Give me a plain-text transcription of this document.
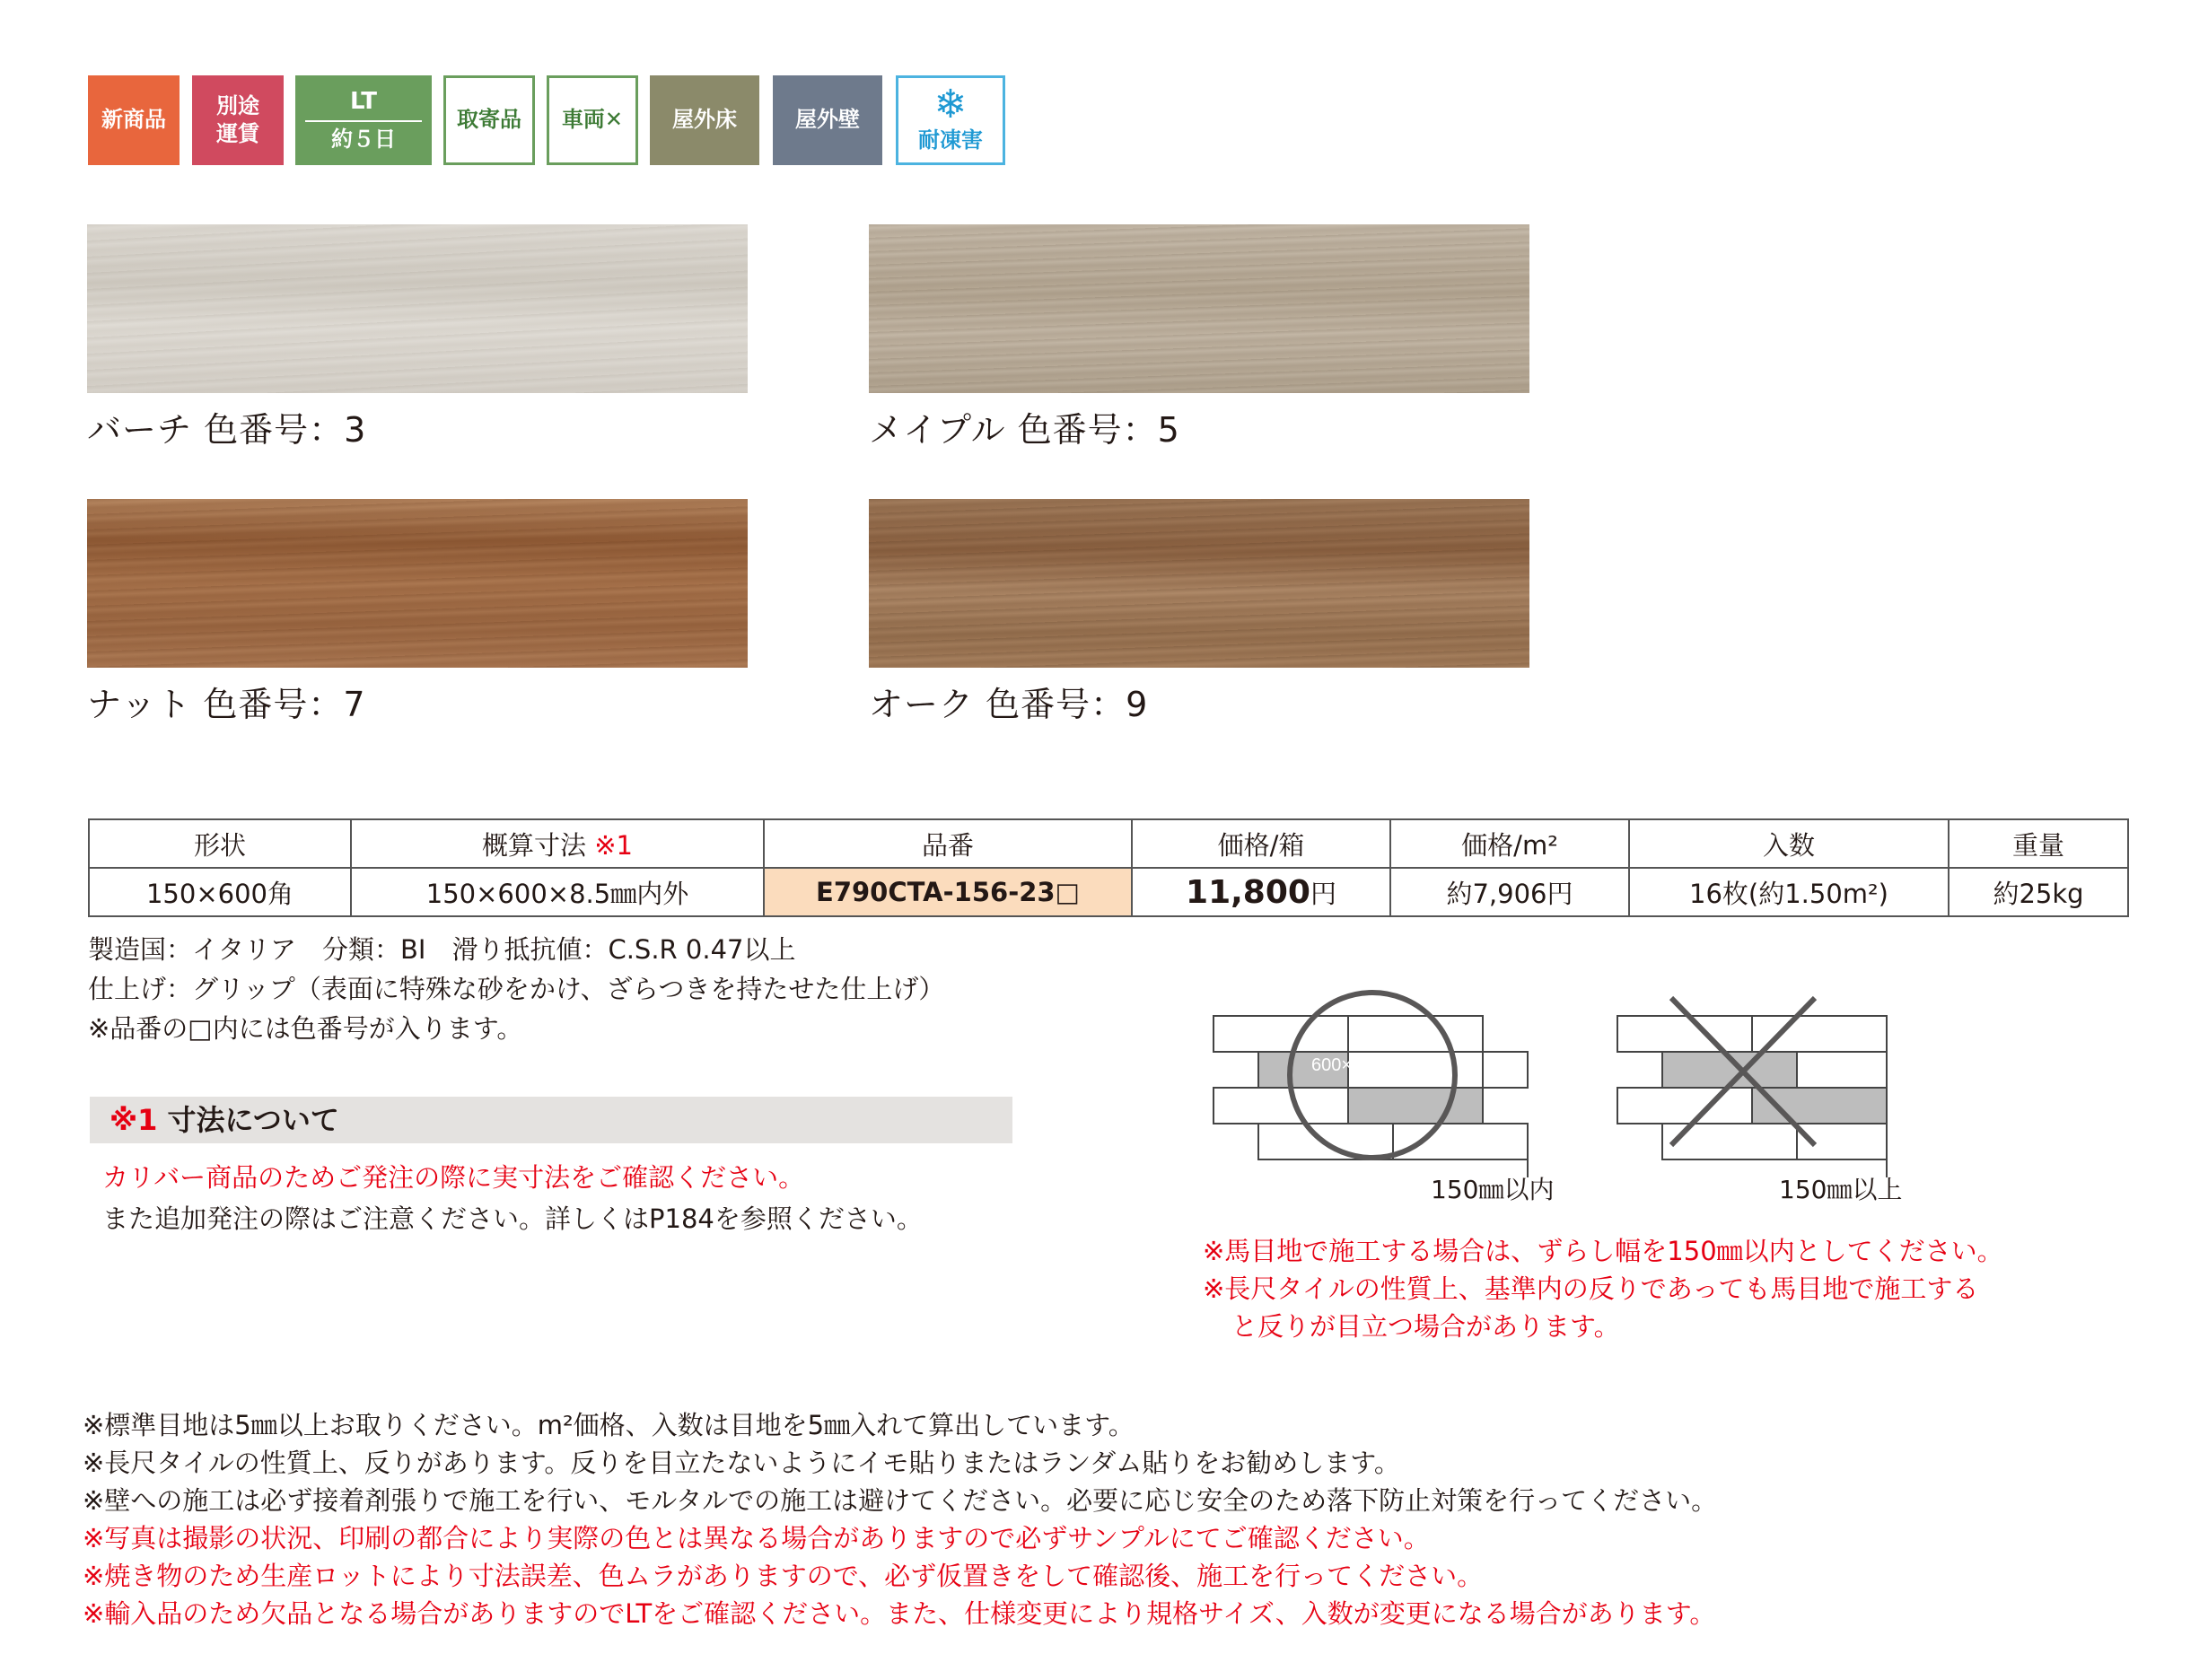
新商品
別途
運賃
LT
約５日
取寄品 車両✕ 屋外床	屋外壁 ❄
耐凍害
バーチ 色番号：3	メイプル 色番号：5
ナット 色番号：7	オーク 色番号：9
形状	概算寸法 ※1	品番	価格/箱	価格/m²	入数	重量
150×600角	150×600×8.5㎜内外	E790CTA-156-23□	11,800円	約7,906円	16枚(約1.50m²)	約25kg
製造国：イタリア　分類：BI　滑り抵抗値：C.S.R 0.47以上
仕上げ：グリップ（表面に特殊な砂をかけ、ざらつきを持たせた仕上げ）
※品番の□内には色番号が入ります。
※1 寸法について
カリバー商品のためご発注の際に実寸法をご確認ください。
また追加発注の際はご注意ください。詳しくはP184を参照ください。
600×150
150㎜以内	150㎜以上
※馬目地で施工する場合は、ずらし幅を150㎜以内としてください。
※長尺タイルの性質上、基準内の反りであっても馬目地で施工する
と反りが目立つ場合があります。
※標準目地は5㎜以上お取りください。m²価格、入数は目地を5㎜入れて算出しています。
※長尺タイルの性質上、反りがあります。反りを目立たないようにイモ貼りまたはランダム貼りをお勧めします。
※壁への施工は必ず接着剤張りで施工を行い、モルタルでの施工は避けてください。必要に応じ安全のため落下防止対策を行ってください。
※写真は撮影の状況、印刷の都合により実際の色とは異なる場合がありますので必ずサンプルにてご確認ください。
※焼き物のため生産ロットにより寸法誤差、色ムラがありますので、必ず仮置きをして確認後、施工を行ってください。
※輸入品のため欠品となる場合がありますのでLTをご確認ください。また、仕様変更により規格サイズ、入数が変更になる場合があります。
